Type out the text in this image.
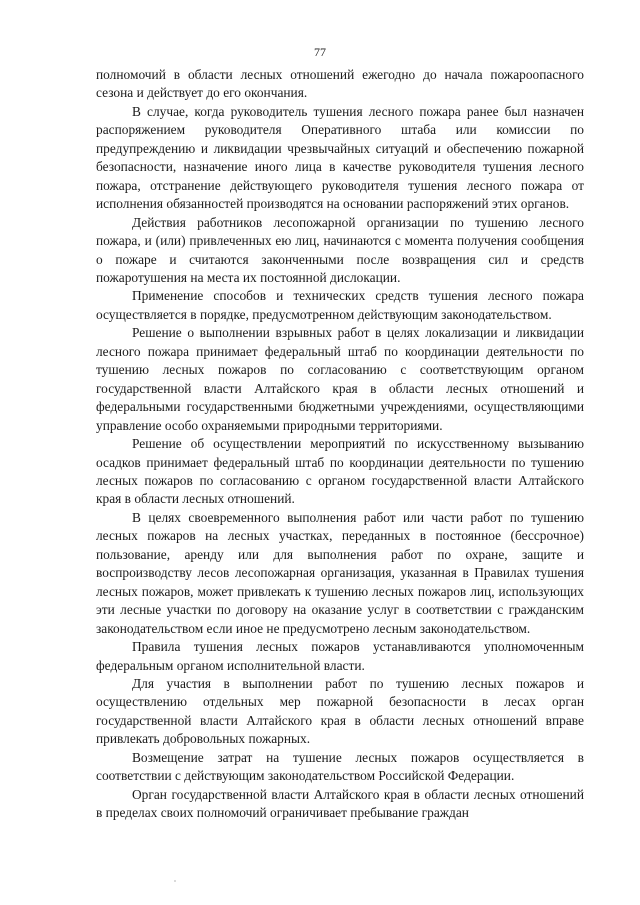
77

полномочий в области лесных отношений ежегодно до начала пожароопасного сезона и действует до его окончания.

В случае, когда руководитель тушения лесного пожара ранее был назначен распоряжением руководителя Оперативного штаба или комиссии по предупреждению и ликвидации чрезвычайных ситуаций и обеспечению пожарной безопасности, назначение иного лица в качестве руководителя тушения лесного пожара, отстранение действующего руководителя тушения лесного пожара от исполнения обязанностей производятся на основании распоряжений этих органов.

Действия работников лесопожарной организации по тушению лесного пожара, и (или) привлеченных ею лиц, начинаются с момента получения сообщения о пожаре и считаются законченными после возвращения сил и средств пожаротушения на места их постоянной дислокации.

Применение способов и технических средств тушения лесного пожара осуществляется в порядке, предусмотренном действующим законодательством.

Решение о выполнении взрывных работ в целях локализации и ликвидации лесного пожара принимает федеральный штаб по координации деятельности по тушению лесных пожаров по согласованию с соответствующим органом государственной власти Алтайского края в области лесных отношений и федеральными государственными бюджетными учреждениями, осуществляющими управление особо охраняемыми природными территориями.

Решение об осуществлении мероприятий по искусственному вызыванию осадков принимает федеральный штаб по координации деятельности по тушению лесных пожаров по согласованию с органом государственной власти Алтайского края в области лесных отношений.

В целях своевременного выполнения работ или части работ по тушению лесных пожаров на лесных участках, переданных в постоянное (бессрочное) пользование, аренду или для выполнения работ по охране, защите и воспроизводству лесов лесопожарная организация, указанная в Правилах тушения лесных пожаров, может привлекать к тушению лесных пожаров лиц, использующих эти лесные участки по договору на оказание услуг в соответствии с гражданским законодательством если иное не предусмотрено лесным законодательством.

Правила тушения лесных пожаров устанавливаются уполномоченным федеральным органом исполнительной власти.

Для участия в выполнении работ по тушению лесных пожаров и осуществлению отдельных мер пожарной безопасности в лесах орган государственной власти Алтайского края в области лесных отношений вправе привлекать добровольных пожарных.

Возмещение затрат на тушение лесных пожаров осуществляется в соответствии с действующим законодательством Российской Федерации.

Орган государственной власти Алтайского края в области лесных отношений в пределах своих полномочий ограничивает пребывание граждан
